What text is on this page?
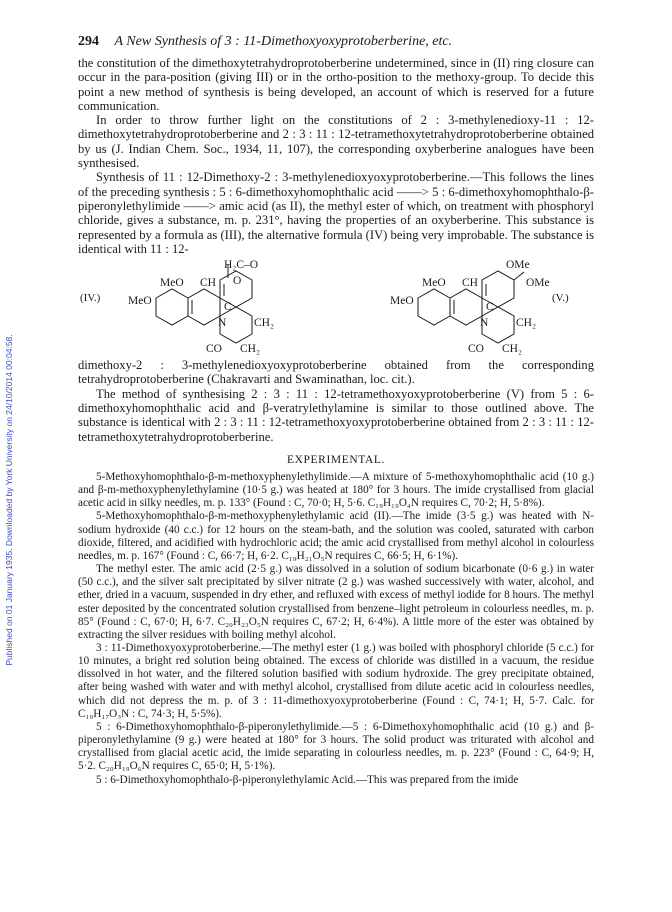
Published on 01 January 1935. Downloaded by York University on 24/10/2014 00:04:58.
294 A New Synthesis of 3 : 11-Dimethoxyoxyprotoberberine, etc.

the constitution of the dimethoxytetrahydroprotoberberine undetermined, since in (II) ring closure can occur in the para-position (giving III) or in the ortho-position to the methoxy-group. To decide this point a new method of synthesis is being developed, an account of which is reserved for a future communication.

In order to throw further light on the constitutions of 2 : 3-methylenedioxy-11 : 12-dimethoxytetrahydroprotoberberine and 2 : 3 : 11 : 12-tetramethoxytetrahydroprotoberberine obtained by us (J. Indian Chem. Soc., 1934, 11, 107), the corresponding oxyberberine analogues have been synthesised.

Synthesis of 11 : 12-Dimethoxy-2 : 3-methylenedioxyoxyprotoberberine.—This follows the lines of the preceding synthesis : 5 : 6-dimethoxyhomophthalic acid ——> 5 : 6-dimethoxyhomophthalo-β-piperonylethylimide ——> amic acid (as II), the methyl ester of which, on treatment with phosphoryl chloride, gives a substance, m. p. 231°, having the properties of an oxyberberine. This substance is represented by a formula as (III), the alternative formula (IV) being very improbable. The substance is identical with 11 : 12-

H₂C–O
O
MeO CH
MeO	C
N CH₂
CO CH₂
OMe
OMe
MeO CH
MeO	C
N CH₂
CO CH₂
(IV.)	(V.)

dimethoxy-2 : 3-methylenedioxyoxyprotoberberine obtained from the corresponding tetrahydroprotoberberine (Chakravarti and Swaminathan, loc. cit.).

The method of synthesising 2 : 3 : 11 : 12-tetramethoxyoxyprotoberberine (V) from 5 : 6-dimethoxyhomophthalic acid and β-veratrylethylamine is similar to those outlined above. The substance is identical with 2 : 3 : 11 : 12-tetramethoxyoxyprotoberberine obtained from 2 : 3 : 11 : 12-tetramethoxytetrahydroprotoberberine.

EXPERIMENTAL.

5-Methoxyhomophthalo-β-m-methoxyphenylethylimide.—A mixture of 5-methoxyhomophthalic acid (10 g.) and β-m-methoxyphenylethylamine (10·5 g.) was heated at 180° for 3 hours. The imide crystallised from glacial acetic acid in silky needles, m. p. 133° (Found : C, 70·0; H, 5·6. C₁₉H₁₉O₄N requires C, 70·2; H, 5·8%).

5-Methoxyhomophthalo-β-m-methoxyphenylethylamic acid (II).—The imide (3·5 g.) was heated with N-sodium hydroxide (40 c.c.) for 12 hours on the steam-bath, and the solution was cooled, saturated with carbon dioxide, filtered, and acidified with hydrochloric acid; the amic acid crystallised from methyl alcohol in colourless needles, m. p. 167° (Found : C, 66·7; H, 6·2. C₁₉H₂₁O₅N requires C, 66·5; H, 6·1%).

The methyl ester. The amic acid (2·5 g.) was dissolved in a solution of sodium bicarbonate (0·6 g.) in water (50 c.c.), and the silver salt precipitated by silver nitrate (2 g.) was washed successively with water, alcohol, and ether, dried in a vacuum, suspended in dry ether, and refluxed with excess of methyl iodide for 8 hours. The methyl ester deposited by the concentrated solution crystallised from benzene–light petroleum in colourless needles, m. p. 85° (Found : C, 67·0; H, 6·7. C₂₀H₂₃O₅N requires C, 67·2; H, 6·4%). A little more of the ester was obtained by extracting the silver residues with boiling methyl alcohol.

3 : 11-Dimethoxyoxyprotoberberine.—The methyl ester (1 g.) was boiled with phosphoryl chloride (5 c.c.) for 10 minutes, a bright red solution being obtained. The excess of chloride was distilled in a vacuum, the residue dissolved in hot water, and the filtered solution basified with sodium hydroxide. The grey precipitate obtained, after being washed with water and with methyl alcohol, crystallised from dilute acetic acid in colourless needles, which did not depress the m. p. of 3 : 11-dimethoxyoxyprotoberberine (Found : C, 74·1; H, 5·7. Calc. for C₁₉H₁₇O₃N : C, 74·3; H, 5·5%).

5 : 6-Dimethoxyhomophthalo-β-piperonylethylimide.—5 : 6-Dimethoxyhomophthalic acid (10 g.) and β-piperonylethylamine (9 g.) were heated at 180° for 3 hours. The solid product was triturated with alcohol and crystallised from glacial acetic acid, the imide separating in colourless needles, m. p. 223° (Found : C, 64·9; H, 5·2. C₂₀H₁₉O₆N requires C, 65·0; H, 5·1%).

5 : 6-Dimethoxyhomophthalo-β-piperonylethylamic Acid.—This was prepared from the imide
